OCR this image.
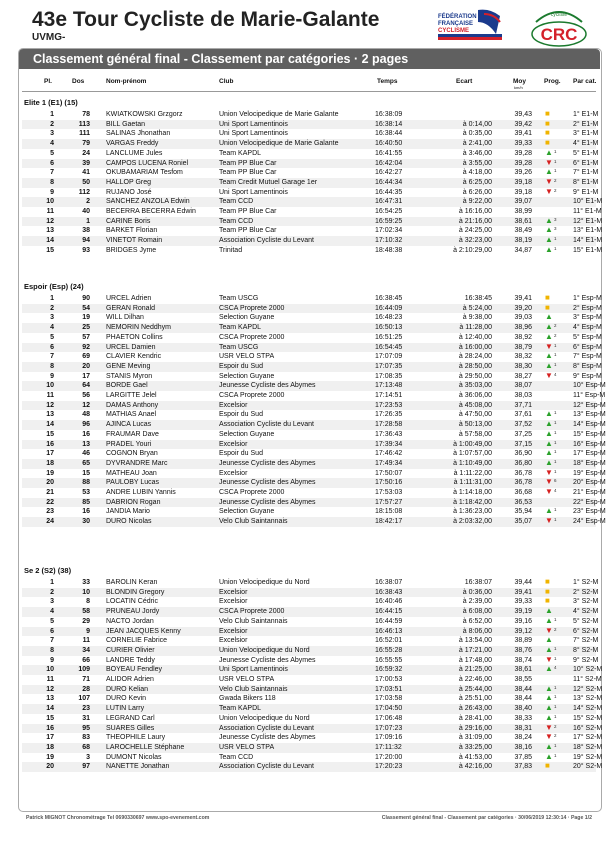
43e Tour Cycliste de Marie-Galante
UVMG-
FÉDÉRATION
FRANÇAISE
CYCLISME
cycliste
CRC
Classement général final - Classement par catégories · 2 pages
Pl.	Dos	Nom-prénom	Club	Temps	Ecart	Moy
km/h
Prog. Par cat.
Elite 1 (E1) (15)
1	78 KWIATKOWSKI Grzgorz	Union Velocipedique de Marie Galante	16:38:09	39,43 ■	1° E1-M
2	113 BILL Gaetan	Uni Sport Lamentinois	16:38:14	à 0:14,00	39,42 ■	2° E1-M
3	111 SALINAS Jhonathan	Uni Sport Lamentinois	16:38:44	à 0:35,00	39,41 ■	3° E1-M
4	79 VARGAS Freddy	Union Velocipedique de Marie Galante	16:40:50	à 2:41,00	39,33 ■	4° E1-M
5	24 LANCLUME Jules	Team KAPDL	16:41:55	à 3:46,00	39,28 ▲ 1 5° E1-M
6	39 CAMPOS LUCENA Roniel	Team PP Blue Car	16:42:04	à 3:55,00	39,28 ▼ 1 6° E1-M
7	41 OKUBAMARIAM Tesfom	Team PP Blue Car	16:42:27	à 4:18,00	39,26 ▲ 1 7° E1-M
8	50 HALLOP Greg	Team Credit Mutuel Garage 1er	16:44:34	à 6:25,00	39,18 ▼ 2 8° E1-M
9	112 RUJANO José	Uni Sport Lamentinois	16:44:35	à 6:26,00	39,18 ▼ 2 9° E1-M
10	2 SANCHEZ ANZOLA Edwin	Team CCD	16:47:31	à 9:22,00	39,07	10° E1-M
11	40 BECERRA BECERRA Edwin	Team PP Blue Car	16:54:25	à 16:16,00	38,99	11° E1-M
12	1 CARINE Boris	Team CCD	16:59:25	à 21:16,00	38,61 ▲ 3 12° E1-M
13	38 BARKET Florian	Team PP Blue Car	17:02:34	à 24:25,00	38,49 ▲ 3 13° E1-M
14	94 VINETOT Romain	Association Cycliste du Levant	17:10:32	à 32:23,00	38,19 ▲ 1 14° E1-M
15	93 BRIDGES Jyme	Trinitad	18:48:38	à 2:10:29,00	34,87 ▲ 1 15° E1-M
Espoir (Esp) (24)
1	90 URCEL Adrien	Team USCG	16:38:45	16:38:45	39,41 ■	1° Esp-M
2	54 GERAN Ronald	CSCA Proprete 2000	16:44:09	à 5:24,00	39,20 ■	2° Esp-M
3	19 WILL Dilhan	Selection Guyane	16:48:23	à 9:38,00	39,03 ▲	3° Esp-M
4	25 NEMORIN Neddhym	Team KAPDL	16:50:13	à 11:28,00	38,96 ▲ 2 4° Esp-M
5	57 PHAETON Collins	CSCA Proprete 2000	16:51:25	à 12:40,00	38,92 ▲ 2 5° Esp-M
6	92 URCEL Damien	Team USCG	16:54:45	à 16:00,00	38,79 ▼ 1 6° Esp-M
7	69 CLAVIER Kendric	USR VELO STPA	17:07:09	à 28:24,00	38,32 ▲ 1 7° Esp-M
8	20 GENE Meving	Espoir du Sud	17:07:35	à 28:50,00	38,30 ▲ 1 8° Esp-M
9	17 STANIS Myron	Selection Guyane	17:08:35	à 29:50,00	38,27 ▼ 4 9° Esp-M
10	64 BORDE Gael	Jeunesse Cycliste des Abymes	17:13:48	à 35:03,00	38,07	10° Esp-M
11	56 LARGITTE Jelel	CSCA Proprete 2000	17:14:51	à 36:06,00	38,03	11° Esp-M
12	12 DAMAS Anthony	Excelsior	17:23:53	à 45:08,00	37,71	12° Esp-M
13	48 MATHIAS Anael	Espoir du Sud	17:26:35	à 47:50,00	37,61 ▲ 1 13° Esp-M
14	96 AJINCA Lucas	Association Cycliste du Levant	17:28:58	à 50:13,00	37,52 ▲ 1 14° Esp-M
15	16 FRAUMAR Dave	Selection Guyane	17:36:43	à 57:58,00	37,25 ▲ 1 15° Esp-M
16	13 PRADEL Youri	Excelsior	17:39:34	à 1:00:49,00	37,15 ▲ 1 16° Esp-M
17	46 COGNON Bryan	Espoir du Sud	17:46:42	à 1:07:57,00	36,90 ▲ 1 17° Esp-M
18	65 DYVRANDRE Marc	Jeunesse Cycliste des Abymes	17:49:34	à 1:10:49,00	36,80 ▲ 1 18° Esp-M
19	15 MATHEAU Joan	Excelsior	17:50:07	à 1:11:22,00	36,78 ▼ 1 19° Esp-M
20	88 PAULOBY Lucas	Jeunesse Cycliste des Abymes	17:50:16	à 1:11:31,00	36,78 ▼ 6 20° Esp-M
21	53 ANDRE LUBIN Yannis	CSCA Proprete 2000	17:53:03	à 1:14:18,00	36,68 ▼ 4 21° Esp-M
22	85 DABRION Rogan	Jeunesse Cycliste des Abymes	17:57:27	à 1:18:42,00	36,53	22° Esp-M
23	16 JANDIA Mario	Selection Guyane	18:15:08	à 1:36:23,00	35,94 ▲ 1 23° Esp-M
24	30 DURO Nicolas	Velo Club Saintannais	18:42:17	à 2:03:32,00	35,07 ▼ 1 24° Esp-M
Se 2 (S2) (38)
1	33 BAROLIN Keran	Union Velocipedique du Nord	16:38:07	16:38:07	39,44 ■	1° S2-M
2	10 BLONDIN Gregory	Excelsior	16:38:43	à 0:36,00	39,41 ■	2° S2-M
3	8 LOCATIN Cédric	Excelsior	16:40:46	à 2:39,00	39,33 ■	3° S2-M
4	58 PRUNEAU Jordy	CSCA Proprete 2000	16:44:15	à 6:08,00	39,19 ▲	4° S2-M
5	29 NACTO Jordan	Velo Club Saintannais	16:44:59	à 6:52,00	39,16 ▲ 1 5° S2-M
6	9 JEAN JACQUES Kenny	Excelsior	16:46:13	à 8:06,00	39,12 ▼ 2 6° S2-M
7	11 CORNELIE Fabrice	Excelsior	16:52:01	à 13:54,00	38,89 ▲	7° S2-M
8	34 CURIER Olivier	Union Velocipedique du Nord	16:55:28	à 17:21,00	38,76 ▲ 1 8° S2-M
9	66 LANDRE Teddy	Jeunesse Cycliste des Abymes	16:55:55	à 17:48,00	38,74 ▼ 1 9° S2-M
10	109 BOYEAU Fendley	Uni Sport Lamentinois	16:59:32	à 21:25,00	38,61 ▲ 4 10° S2-M
11	71 ALIDOR Adrien	USR VELO STPA	17:00:53	à 22:46,00	38,55	11° S2-M
12	28 DURO Kelian	Velo Club Saintannais	17:03:51	à 25:44,00	38,44 ▲ 1 12° S2-M
13	107 DURO Kevin	Gwada Bikers 118	17:03:58	à 25:51,00	38,44 ▲ 1 13° S2-M
14	23 LUTIN Larry	Team KAPDL	17:04:50	à 26:43,00	38,40 ▲ 1 14° S2-M
15	31 LEGRAND Carl	Union Velocipedique du Nord	17:06:48	à 28:41,00	38,33 ▲ 1 15° S2-M
16	95 SUARES Gilles	Association Cycliste du Levant	17:07:23	à 29:16,00	38,31 ▼ 2 16° S2-M
17	83 THEOPHILE Laury	Jeunesse Cycliste des Abymes	17:09:16	à 31:09,00	38,24 ▼ 2 17° S2-M
18	68 LAROCHELLE Stéphane	USR VELO STPA	17:11:32	à 33:25,00	38,16 ▲ 1 18° S2-M
19	3 DUMONT Nicolas	Team CCD	17:20:00	à 41:53,00	37,85 ▲ 1 19° S2-M
20	97 NANETTE Jonathan	Association Cycliste du Levant	17:20:23	à 42:16,00	37,83 ■	20° S2-M
Patrick MIGNOT Chronométrage Tel 0690330697 www.spo-evenement.com	Classement général final - Classement par catégories · 30/06/2019 12:30:14 · Page 1/2
